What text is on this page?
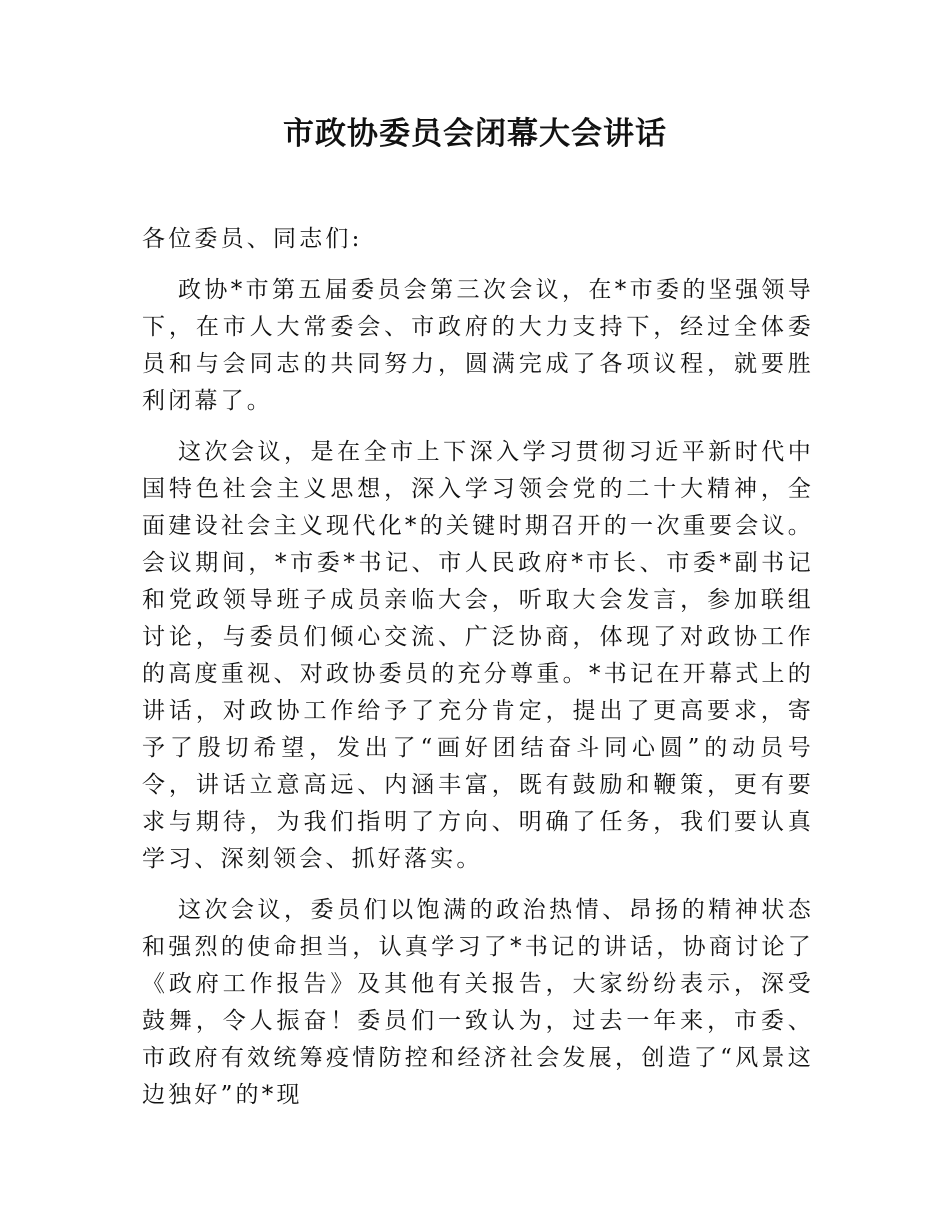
市政协委员会闭幕大会讲话

各位委员、同志们:

政协*市第五届委员会第三次会议，在*市委的坚强领导下，在市人大常委会、市政府的大力支持下，经过全体委员和与会同志的共同努力，圆满完成了各项议程，就要胜利闭幕了。

这次会议，是在全市上下深入学习贯彻习近平新时代中国特色社会主义思想，深入学习领会党的二十大精神，全面建设社会主义现代化*的关键时期召开的一次重要会议。会议期间，*市委*书记、市人民政府*市长、市委*副书记和党政领导班子成员亲临大会，听取大会发言，参加联组讨论，与委员们倾心交流、广泛协商，体现了对政协工作的高度重视、对政协委员的充分尊重。*书记在开幕式上的讲话，对政协工作给予了充分肯定，提出了更高要求，寄予了殷切希望，发出了“画好团结奋斗同心圆”的动员号令，讲话立意高远、内涵丰富，既有鼓励和鞭策，更有要求与期待，为我们指明了方向、明确了任务，我们要认真学习、深刻领会、抓好落实。

这次会议，委员们以饱满的政治热情、昂扬的精神状态和强烈的使命担当，认真学习了*书记的讲话，协商讨论了《政府工作报告》及其他有关报告，大家纷纷表示，深受鼓舞，令人振奋！委员们一致认为，过去一年来，市委、市政府有效统筹疫情防控和经济社会发展，创造了“风景这边独好”的*现
